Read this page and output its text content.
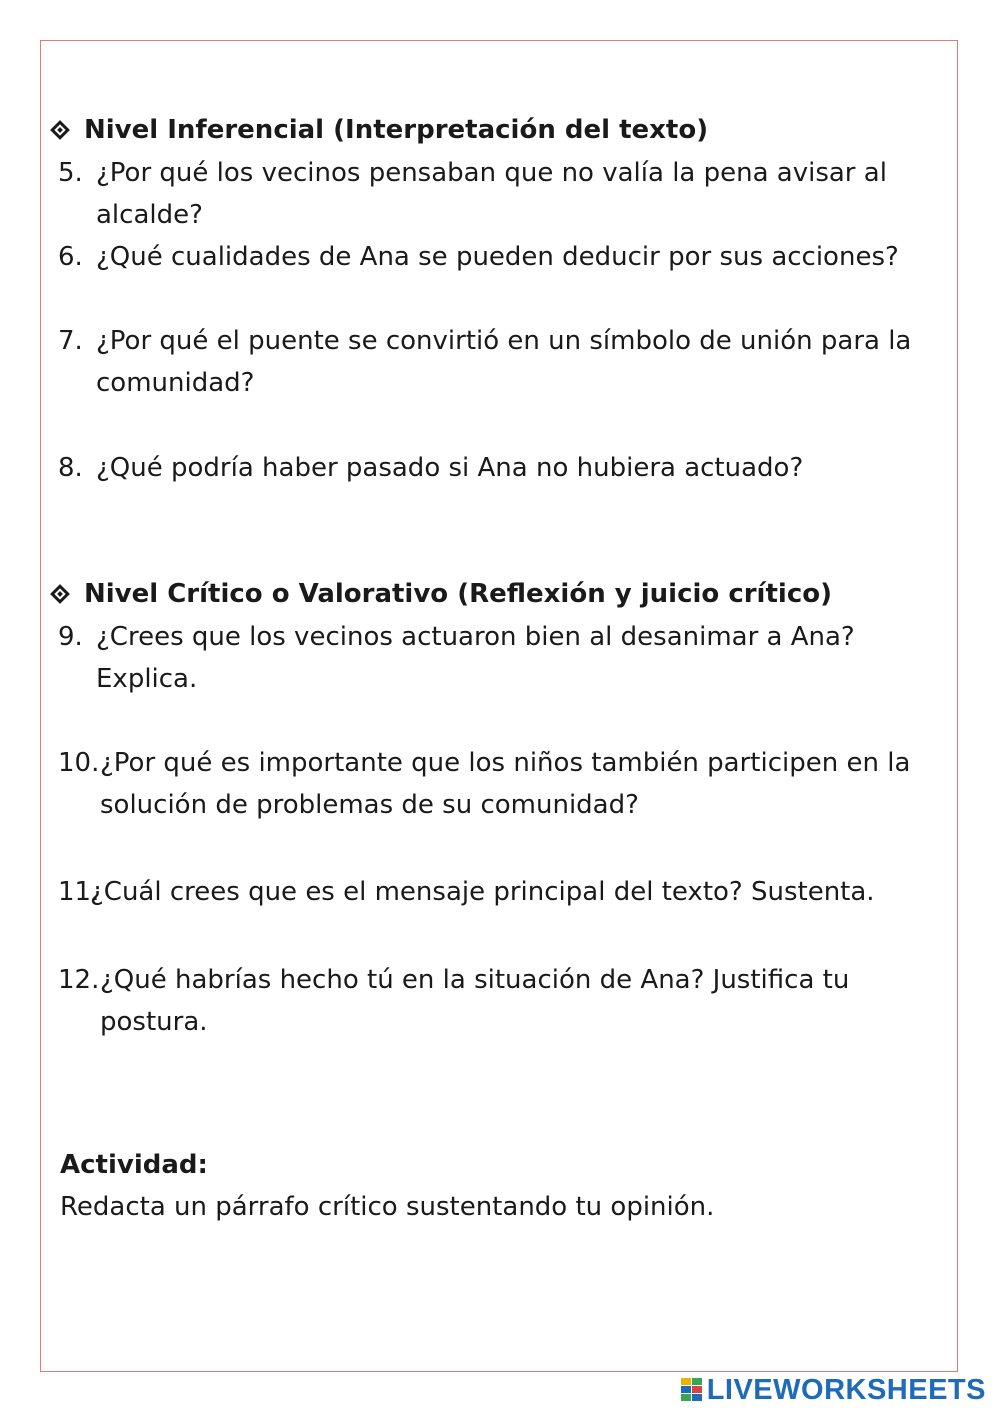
Nivel Inferencial (Interpretación del texto)
5. ¿Por qué los vecinos pensaban que no valía la pena avisar al alcalde?
6. ¿Qué cualidades de Ana se pueden deducir por sus acciones?
7. ¿Por qué el puente se convirtió en un símbolo de unión para la comunidad?
8. ¿Qué podría haber pasado si Ana no hubiera actuado?
Nivel Crítico o Valorativo (Reflexión y juicio crítico)
9. ¿Crees que los vecinos actuaron bien al desanimar a Ana? Explica.
10. ¿Por qué es importante que los niños también participen en la solución de problemas de su comunidad?
11.
¿Cuál crees que es el mensaje principal del texto? Sustenta.
12. ¿Qué habrías hecho tú en la situación de Ana? Justifica tu postura.
Actividad:
Redacta un párrafo crítico sustentando tu opinión.
LIVEWORKSHEETS
